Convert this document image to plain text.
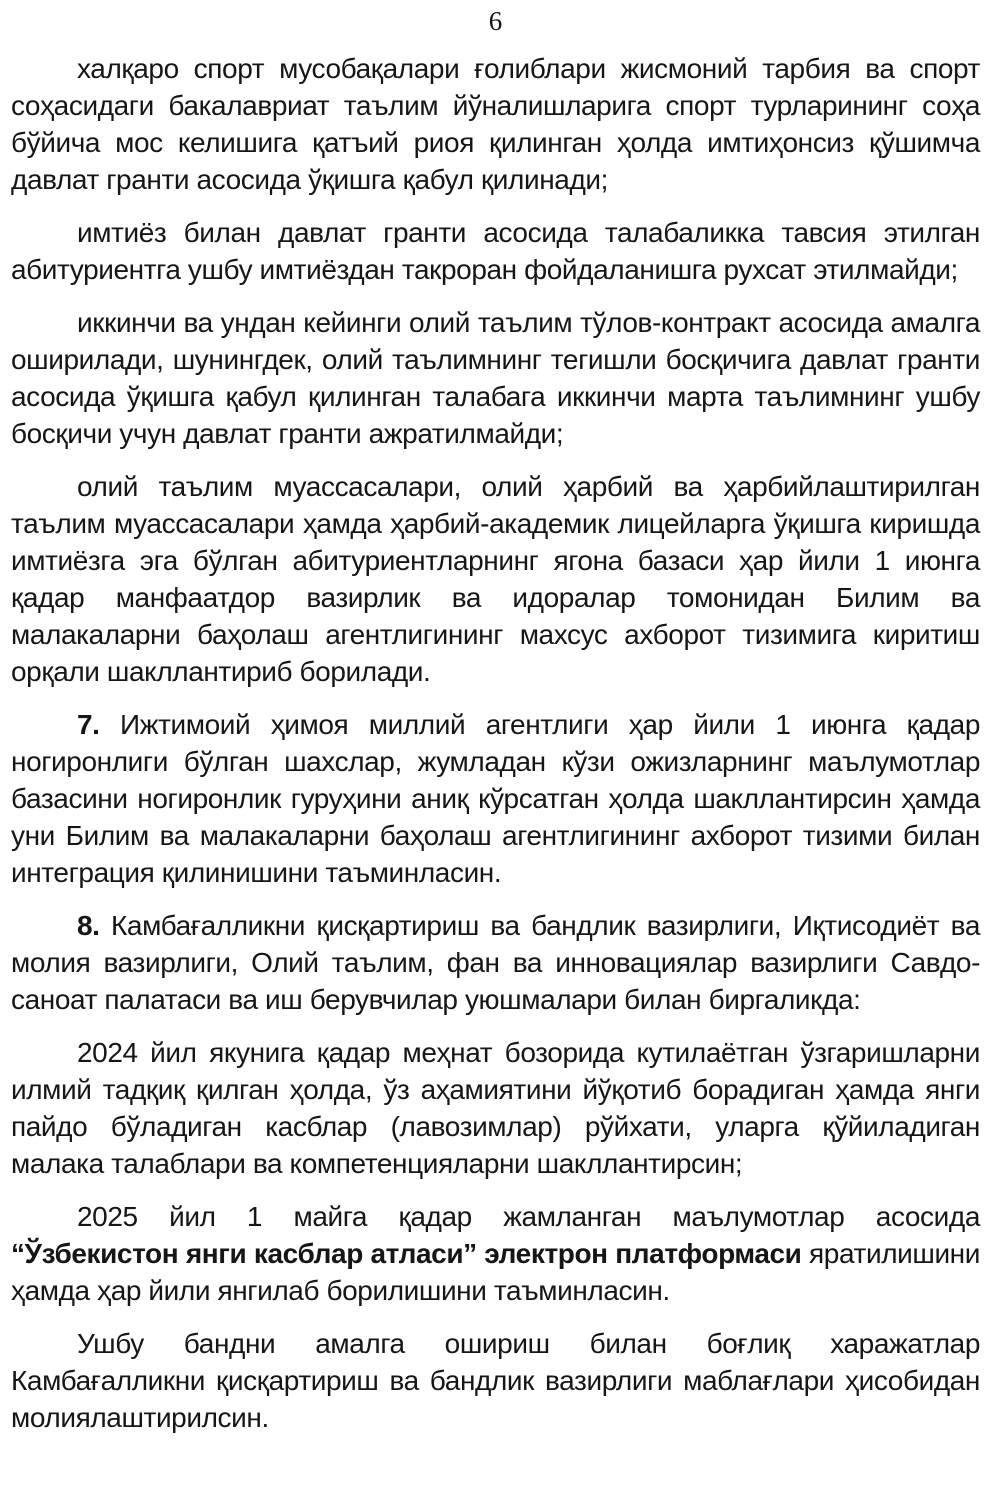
6

халқаро спорт мусобақалари ғолиблари жисмоний тарбия ва спорт соҳасидаги бакалавриат таълим йўналишларига спорт турларининг соҳа бўйича мос келишига қатъий риоя қилинган ҳолда имтиҳонсиз қўшимча давлат гранти асосида ўқишга қабул қилинади;

имтиёз билан давлат гранти асосида талабаликка тавсия этилган абитуриентга ушбу имтиёздан такроран фойдаланишга рухсат этилмайди;

иккинчи ва ундан кейинги олий таълим тўлов-контракт асосида амалга оширилади, шунингдек, олий таълимнинг тегишли босқичига давлат гранти асосида ўқишга қабул қилинган талабага иккинчи марта таълимнинг ушбу босқичи учун давлат гранти ажратилмайди;

олий таълим муассасалари, олий ҳарбий ва ҳарбийлаштирилган таълим муассасалари ҳамда ҳарбий-академик лицейларга ўқишга киришда имтиёзга эга бўлган абитуриентларнинг ягона базаси ҳар йили 1 июнга қадар манфаатдор вазирлик ва идоралар томонидан Билим ва малакаларни баҳолаш агентлигининг махсус ахборот тизимига киритиш орқали шакллантириб борилади.

7. Ижтимоий ҳимоя миллий агентлиги ҳар йили 1 июнга қадар ногиронлиги бўлган шахслар, жумладан кўзи ожизларнинг маълумотлар базасини ногиронлик гуруҳини аниқ кўрсатган ҳолда шакллантирсин ҳамда уни Билим ва малакаларни баҳолаш агентлигининг ахборот тизими билан интеграция қилинишини таъминласин.

8. Камбағалликни қисқартириш ва бандлик вазирлиги, Иқтисодиёт ва молия вазирлиги, Олий таълим, фан ва инновациялар вазирлиги Савдо-саноат палатаси ва иш берувчилар уюшмалари билан биргаликда:

2024 йил якунига қадар меҳнат бозорида кутилаётган ўзгаришларни илмий тадқиқ қилган ҳолда, ўз аҳамиятини йўқотиб борадиган ҳамда янги пайдо бўладиган касблар (лавозимлар) рўйхати, уларга қўйиладиган малака талаблари ва компетенцияларни шакллантирсин;

2025 йил 1 майга қадар жамланган маълумотлар асосида “Ўзбекистон янги касблар атласи” электрон платформаси яратилишини ҳамда ҳар йили янгилаб борилишини таъминласин.

Ушбу бандни амалга ошириш билан боғлиқ харажатлар Камбағалликни қисқартириш ва бандлик вазирлиги маблағлари ҳисобидан молиялаштирилсин.
